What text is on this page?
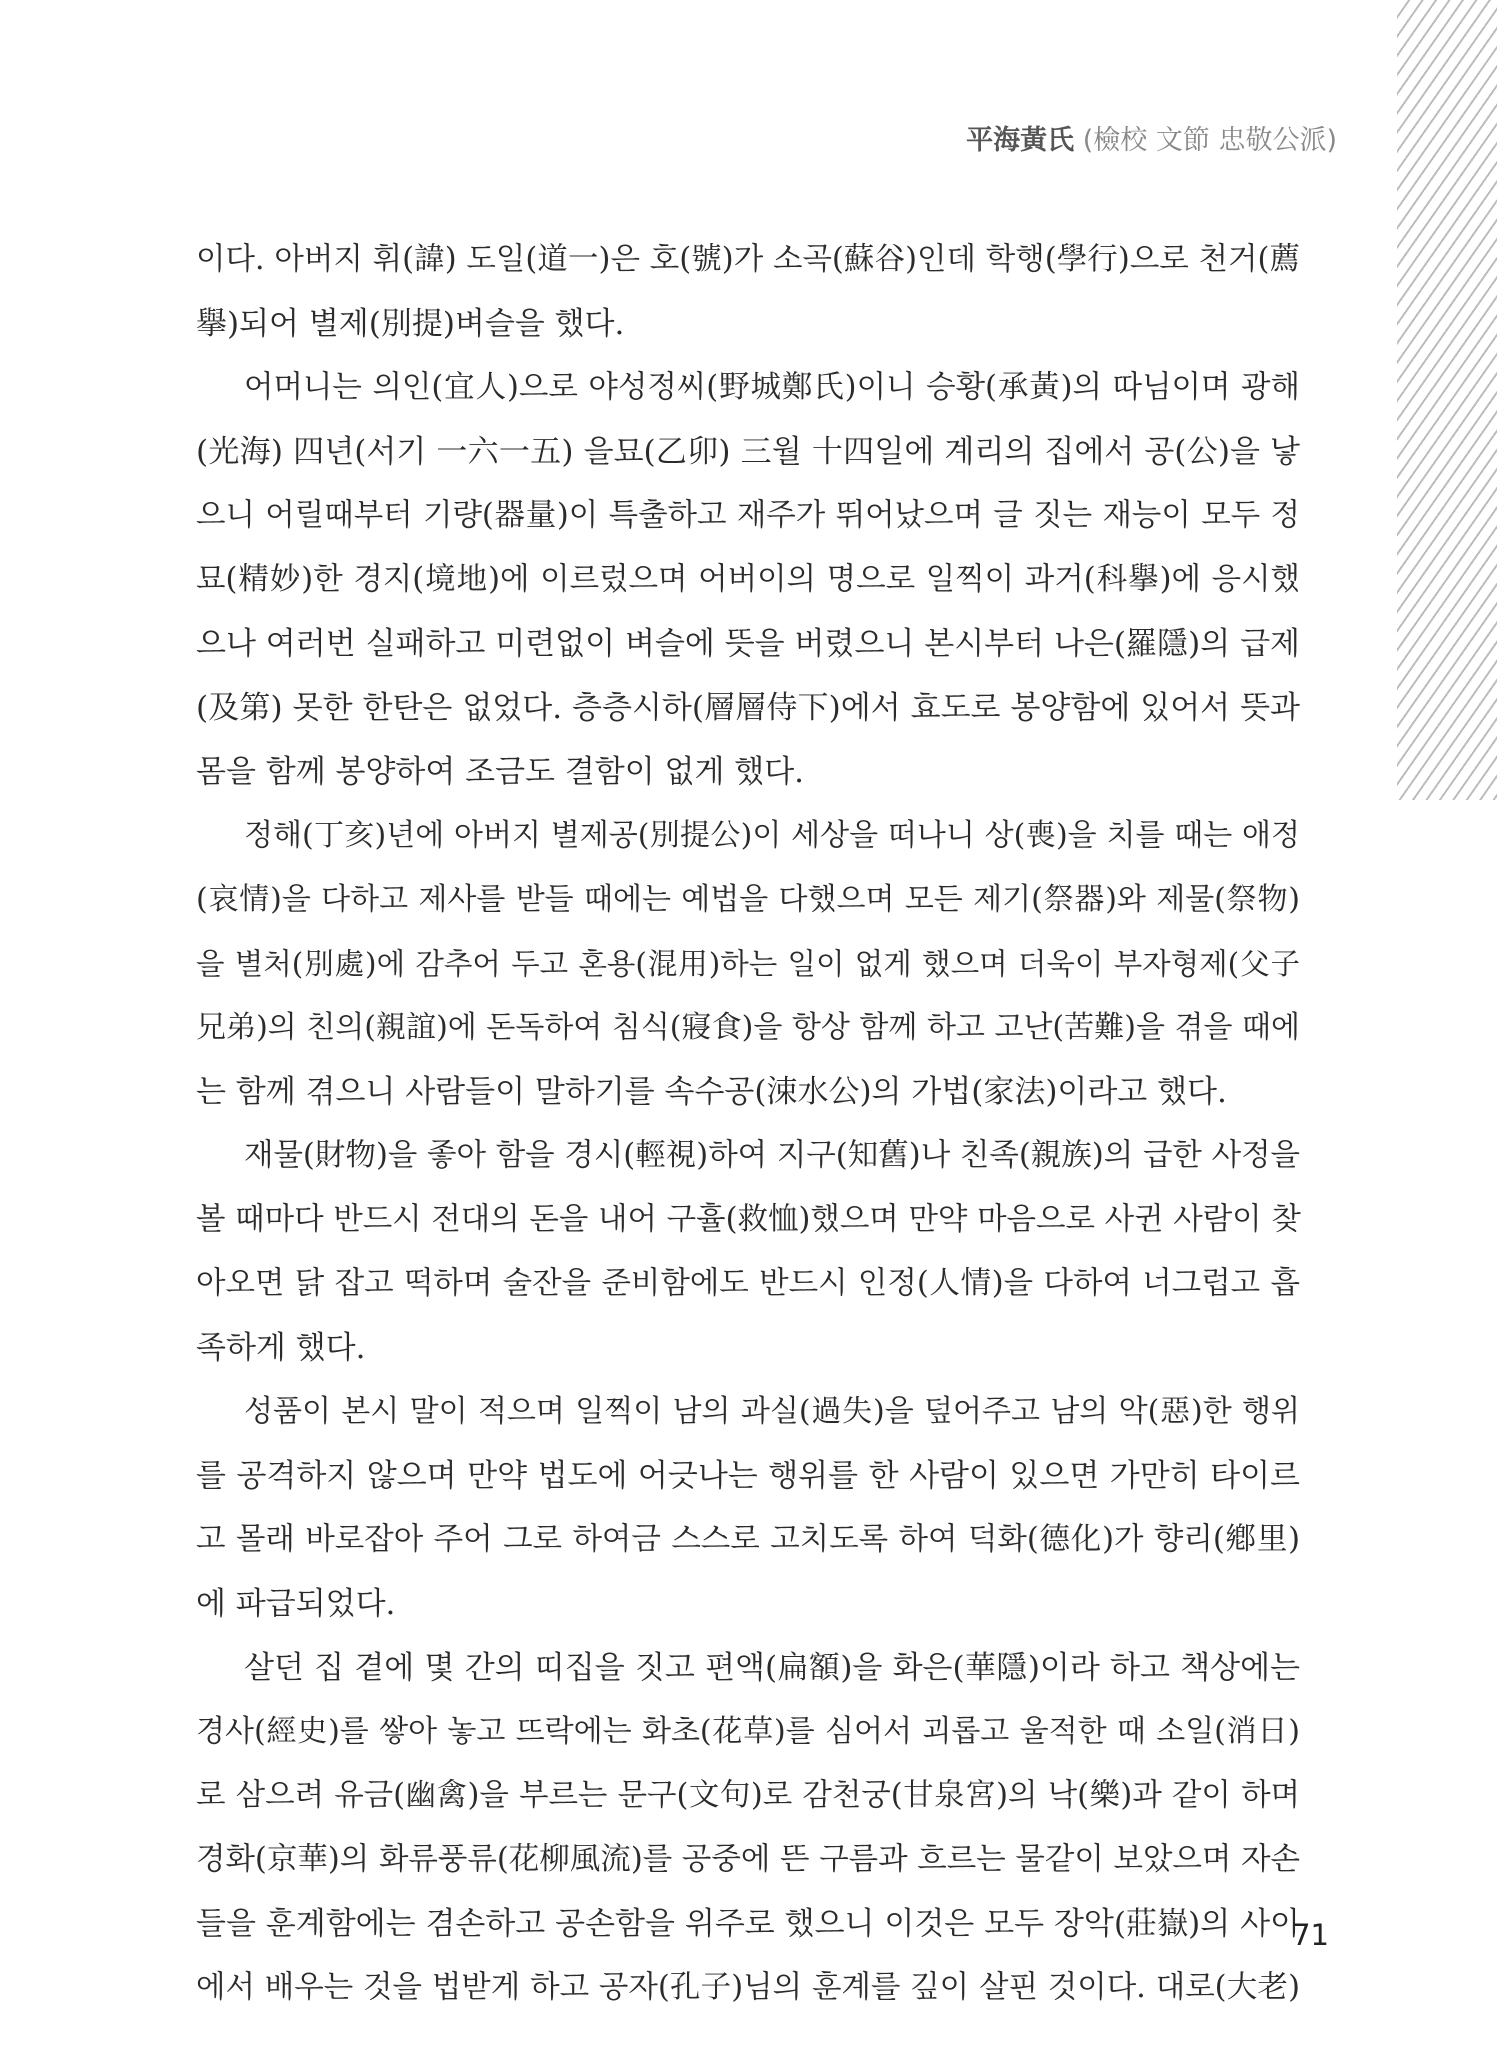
平海黃氏 (檢校 文節 忠敬公派)
이다. 아버지 휘(諱) 도일(道一)은 호(號)가 소곡(蘇谷)인데 학행(學行)으로 천거(薦
擧)되어 별제(別提)벼슬을 했다.
어머니는 의인(宜人)으로 야성정씨(野城鄭氏)이니 승황(承黃)의 따님이며 광해
(光海) 四년(서기 一六一五) 을묘(乙卯) 三월 十四일에 계리의 집에서 공(公)을 낳
으니 어릴때부터 기량(器量)이 특출하고 재주가 뛰어났으며 글 짓는 재능이 모두 정
묘(精妙)한 경지(境地)에 이르렀으며 어버이의 명으로 일찍이 과거(科擧)에 응시했
으나 여러번 실패하고 미련없이 벼슬에 뜻을 버렸으니 본시부터 나은(羅隱)의 급제
(及第) 못한 한탄은 없었다. 층층시하(層層侍下)에서 효도로 봉양함에 있어서 뜻과
몸을 함께 봉양하여 조금도 결함이 없게 했다.
정해(丁亥)년에 아버지 별제공(別提公)이 세상을 떠나니 상(喪)을 치를 때는 애정
(哀情)을 다하고 제사를 받들 때에는 예법을 다했으며 모든 제기(祭器)와 제물(祭物)
을 별처(別處)에 감추어 두고 혼용(混用)하는 일이 없게 했으며 더욱이 부자형제(父子
兄弟)의 친의(親誼)에 돈독하여 침식(寢食)을 항상 함께 하고 고난(苦難)을 겪을 때에
는 함께 겪으니 사람들이 말하기를 속수공(涑水公)의 가법(家法)이라고 했다.
재물(財物)을 좋아 함을 경시(輕視)하여 지구(知舊)나 친족(親族)의 급한 사정을
볼 때마다 반드시 전대의 돈을 내어 구휼(救恤)했으며 만약 마음으로 사귄 사람이 찾
아오면 닭 잡고 떡하며 술잔을 준비함에도 반드시 인정(人情)을 다하여 너그럽고 흡
족하게 했다.
성품이 본시 말이 적으며 일찍이 남의 과실(過失)을 덮어주고 남의 악(惡)한 행위
를 공격하지 않으며 만약 법도에 어긋나는 행위를 한 사람이 있으면 가만히 타이르
고 몰래 바로잡아 주어 그로 하여금 스스로 고치도록 하여 덕화(德化)가 향리(鄕里)
에 파급되었다.
살던 집 곁에 몇 간의 띠집을 짓고 편액(扁額)을 화은(華隱)이라 하고 책상에는
경사(經史)를 쌓아 놓고 뜨락에는 화초(花草)를 심어서 괴롭고 울적한 때 소일(消日)
로 삼으려 유금(幽禽)을 부르는 문구(文句)로 감천궁(甘泉宮)의 낙(樂)과 같이 하며
경화(京華)의 화류풍류(花柳風流)를 공중에 뜬 구름과 흐르는 물같이 보았으며 자손
들을 훈계함에는 겸손하고 공손함을 위주로 했으니 이것은 모두 장악(莊嶽)의 사이
에서 배우는 것을 법받게 하고 공자(孔子)님의 훈계를 깊이 살핀 것이다. 대로(大老)
71
